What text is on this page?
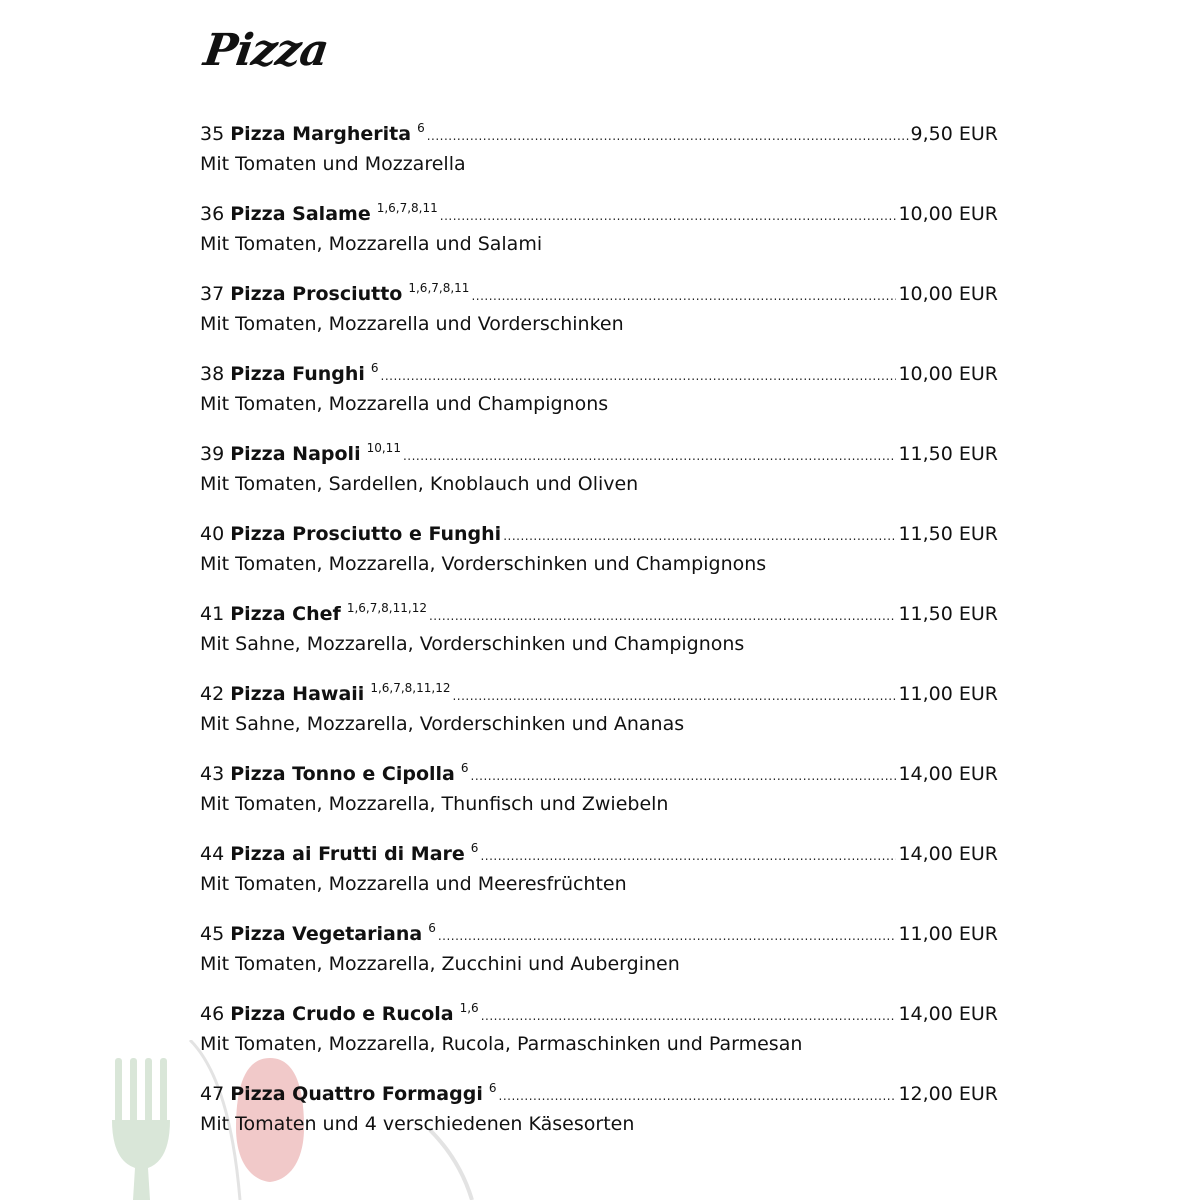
Pizza
35 Pizza Margherita 6 .....	9,50 EUR
Mit Tomaten und Mozzarella
36 Pizza Salame 1,6,7,8,11 .....	10,00 EUR
Mit Tomaten, Mozzarella und Salami
37 Pizza Prosciutto 1,6,7,8,11 .....	10,00 EUR
Mit Tomaten, Mozzarella und Vorderschinken
38 Pizza Funghi 6 .....	10,00 EUR
Mit Tomaten, Mozzarella und Champignons
39 Pizza Napoli 10,11 .....	11,50 EUR
Mit Tomaten, Sardellen, Knoblauch und Oliven
40 Pizza Prosciutto e Funghi .....	11,50 EUR
Mit Tomaten, Mozzarella, Vorderschinken und Champignons
41 Pizza Chef 1,6,7,8,11,12 .....	11,50 EUR
Mit Sahne, Mozzarella, Vorderschinken und Champignons
42 Pizza Hawaii 1,6,7,8,11,12 .....	11,00 EUR
Mit Sahne, Mozzarella, Vorderschinken und Ananas
43 Pizza Tonno e Cipolla 6 .....	14,00 EUR
Mit Tomaten, Mozzarella, Thunfisch und Zwiebeln
44 Pizza ai Frutti di Mare 6 .....	14,00 EUR
Mit Tomaten, Mozzarella und Meeresfrüchten
45 Pizza Vegetariana 6 .....	11,00 EUR
Mit Tomaten, Mozzarella, Zucchini und Auberginen
46 Pizza Crudo e Rucola 1,6 .....	14,00 EUR
Mit Tomaten, Mozzarella, Rucola, Parmaschinken und Parmesan
47 Pizza Quattro Formaggi 6 .....	12,00 EUR
Mit Tomaten und 4 verschiedenen Käsesorten
